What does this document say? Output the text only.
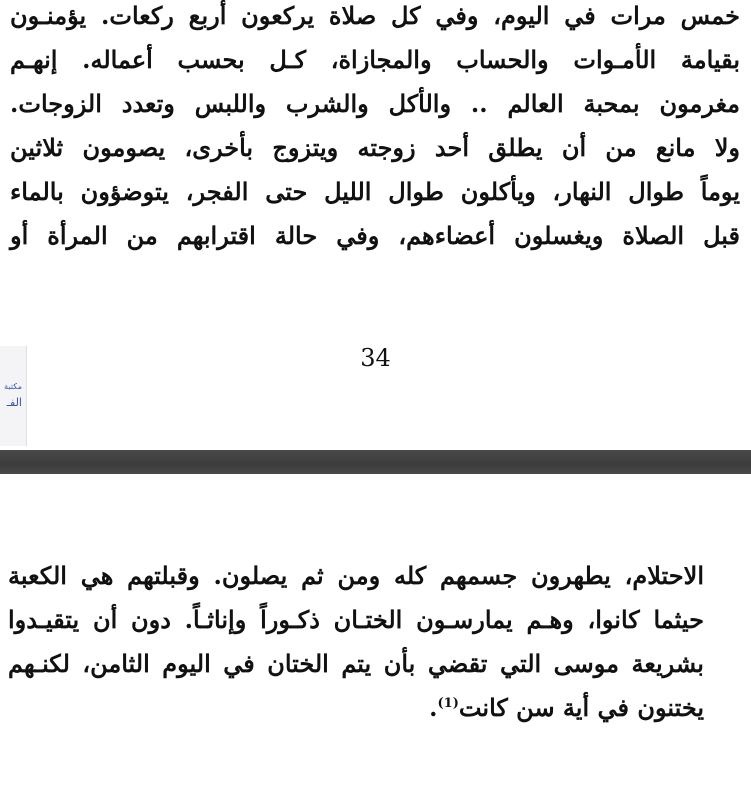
خمس مرات في اليوم، وفي كل صلاة يركعون أربع ركعات. يؤمنـون
بقيامة الأمـوات والحساب والمجازاة، كـل بحسب أعماله. إنهـم
مغرمون بمحبة العالم .. والأكل والشرب واللبس وتعدد الزوجات.
ولا مانع من أن يطلق أحد زوجته ويتزوج بأخرى، يصومون ثلاثين
يوماً طوال النهار، ويأكلون طوال الليل حتى الفجر، يتوضؤون بالماء
قبل الصلاة ويغسلون أعضاءهم، وفي حالة اقترابهم من المرأة أو
34
مكتبة
الفـ
الاحتلام، يطهرون جسمهم كله ومن ثم يصلون. وقبلتهم هي الكعبة
حيثما كانوا، وهـم يمارسـون الختـان ذكـوراً وإناثـاً. دون أن يتقيـدوا
بشريعة موسى التي تقضي بأن يتم الختان في اليوم الثامن، لكنـهم
يختنون في أية سن كانت$^{(1)}$.
